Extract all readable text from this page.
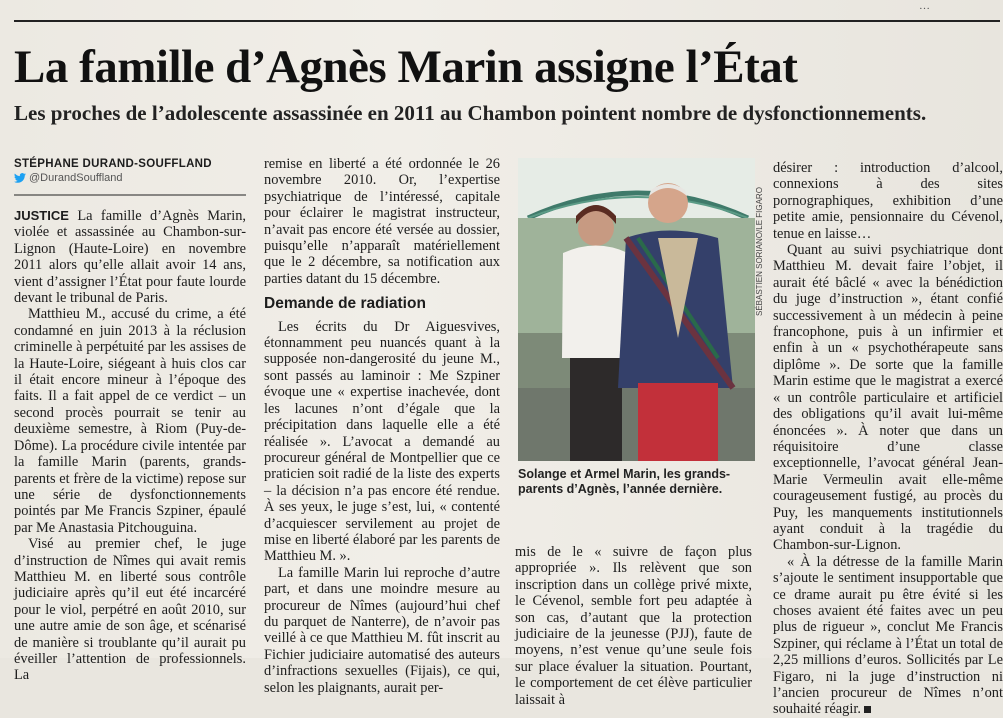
…
La famille d’Agnès Marin assigne l’État
Les proches de l’adolescente assassinée en 2011 au Chambon pointent nombre de dysfonctionnements.
STÉPHANE DURAND-SOUFFLAND
@DurandSouffland

JUSTICE La famille d’Agnès Marin, violée et assassinée au Chambon-sur-Lignon (Haute-Loire) en novembre 2011 alors qu’elle allait avoir 14 ans, vient d’assigner l’État pour faute lourde devant le tribunal de Paris.

Matthieu M., accusé du crime, a été condamné en juin 2013 à la réclusion criminelle à perpétuité par les assises de la Haute-Loire, siégeant à huis clos car il était encore mineur à l’époque des faits. Il a fait appel de ce verdict – un second procès pourrait se tenir au deuxième semestre, à Riom (Puy-de-Dôme). La procédure civile intentée par la famille Marin (parents, grands-parents et frère de la victime) repose sur une série de dysfonctionnements pointés par Me Francis Szpiner, épaulé par Me Anastasia Pitchouguina.

Visé au premier chef, le juge d’instruction de Nîmes qui avait remis Matthieu M. en liberté sous contrôle judiciaire après qu’il eut été incarcéré pour le viol, perpétré en août 2010, sur une autre amie de son âge, et scénarisé de manière si troublante qu’il aurait pu éveiller l’attention de professionnels. La

remise en liberté a été ordonnée le 26 novembre 2010. Or, l’expertise psychiatrique de l’intéressé, capitale pour éclairer le magistrat instructeur, n’avait pas encore été versée au dossier, puisqu’elle n’apparaît matériellement que le 2 décembre, sa notification aux parties datant du 15 décembre.

Demande de radiation

Les écrits du Dr Aiguesvives, étonnamment peu nuancés quant à la supposée non-dangerosité du jeune M., sont passés au laminoir : Me Szpiner évoque une « expertise inachevée, dont les lacunes n’ont d’égale que la précipitation dans laquelle elle a été réalisée ». L’avocat a demandé au procureur général de Montpellier que ce praticien soit radié de la liste des experts – la décision n’a pas encore été rendue. À ses yeux, le juge s’est, lui, « contenté d’acquiescer servilement au projet de mise en liberté élaboré par les parents de Matthieu M. ».

La famille Marin lui reproche d’autre part, et dans une moindre mesure au procureur de Nîmes (aujourd’hui chef du parquet de Nanterre), de n’avoir pas veillé à ce que Matthieu M. fût inscrit au Fichier judiciaire automatisé des auteurs d’infractions sexuelles (Fijais), ce qui, selon les plaignants, aurait per-

SÉBASTIEN SORIANO/LE FIGARO
Solange et Armel Marin, les grands-parents d’Agnès, l’année dernière.

mis de le « suivre de façon plus appropriée ». Ils relèvent que son inscription dans un collège privé mixte, le Cévenol, semble fort peu adaptée à son cas, d’autant que la protection judiciaire de la jeunesse (PJJ), faute de moyens, n’est venue qu’une seule fois sur place évaluer la situation. Pourtant, le comportement de cet élève particulier laissait à

désirer : introduction d’alcool, connexions à des sites pornographiques, exhibition d’une petite amie, pensionnaire du Cévenol, tenue en laisse…

Quant au suivi psychiatrique dont Matthieu M. devait faire l’objet, il aurait été bâclé « avec la bénédiction du juge d’instruction », étant confié successivement à un médecin à peine francophone, puis à un infirmier et enfin à un « psychothérapeute sans diplôme ». De sorte que la famille Marin estime que le magistrat a exercé « un contrôle particulaire et artificiel des obligations qu’il avait lui-même énoncées ». À noter que dans un réquisitoire d’une classe exceptionnelle, l’avocat général Jean-Marie Vermeulin avait elle-même courageusement fustigé, au procès du Puy, les manquements institutionnels ayant conduit à la tragédie du Chambon-sur-Lignon.

« À la détresse de la famille Marin s’ajoute le sentiment insupportable que ce drame aurait pu être évité si les choses avaient été faites avec un peu plus de rigueur », conclut Me Francis Szpiner, qui réclame à l’État un total de 2,25 millions d’euros. Sollicités par Le Figaro, ni la juge d’instruction ni l’ancien procureur de Nîmes n’ont souhaité réagir.
